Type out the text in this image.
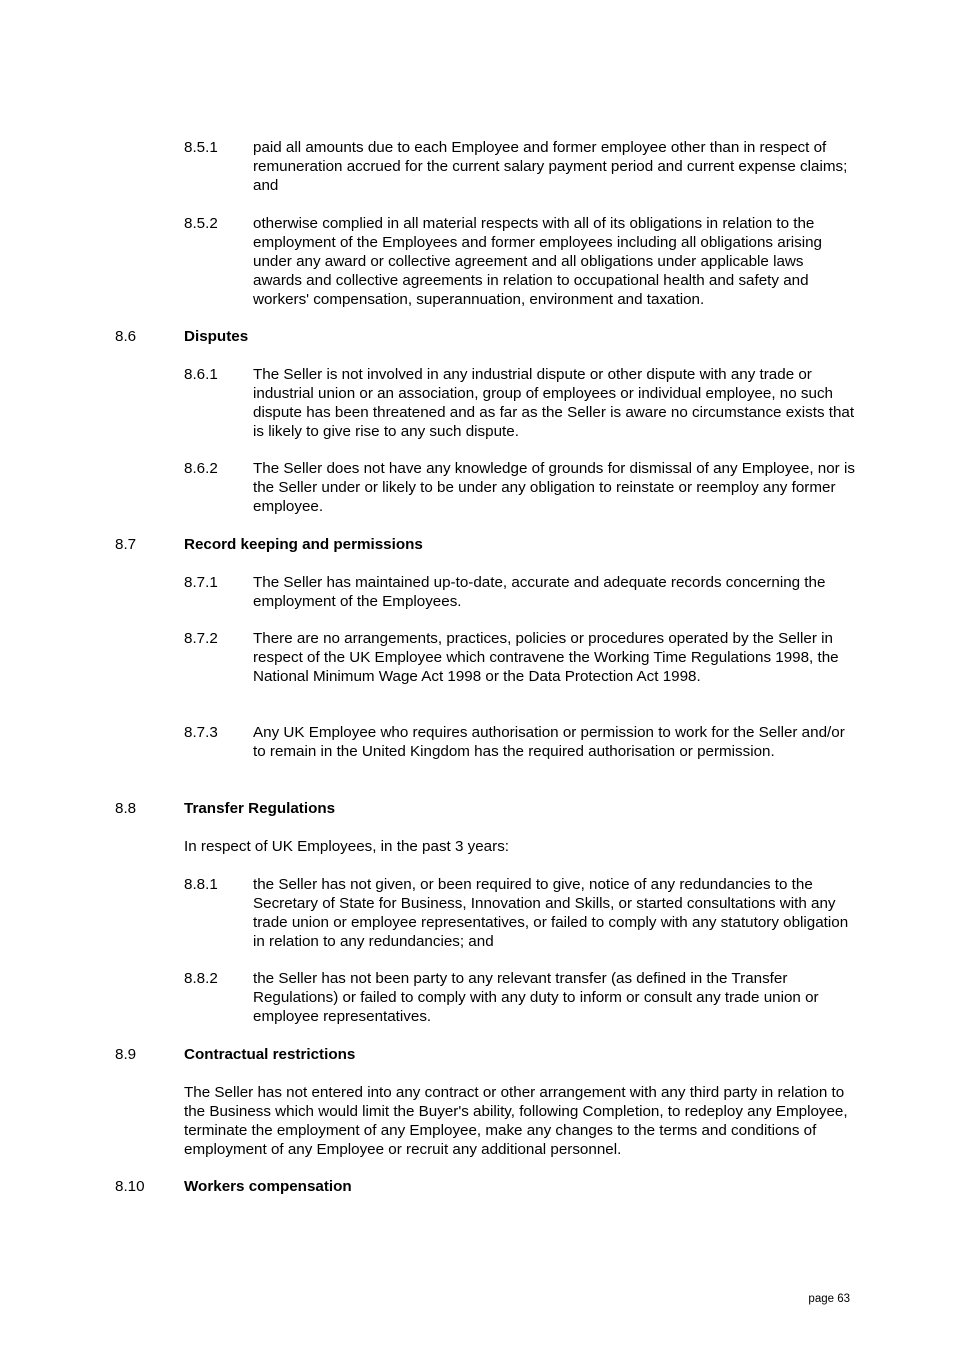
8.5.1 paid all amounts due to each Employee and former employee other than in respect of remuneration accrued for the current salary payment period and current expense claims; and
8.5.2 otherwise complied in all material respects with all of its obligations in relation to the employment of the Employees and former employees including all obligations arising under any award or collective agreement and all obligations under applicable laws awards and collective agreements in relation to occupational health and safety and workers' compensation, superannuation, environment and taxation.
8.6	Disputes
8.6.1 The Seller is not involved in any industrial dispute or other dispute with any trade or industrial union or an association, group of employees or individual employee, no such dispute has been threatened and as far as the Seller is aware no circumstance exists that is likely to give rise to any such dispute.
8.6.2 The Seller does not have any knowledge of grounds for dismissal of any Employee, nor is the Seller under or likely to be under any obligation to reinstate or reemploy any former employee.
8.7	Record keeping and permissions
8.7.1 The Seller has maintained up-to-date, accurate and adequate records concerning the employment of the Employees.
8.7.2 There are no arrangements, practices, policies or procedures operated by the Seller in respect of the UK Employee which contravene the Working Time Regulations 1998, the National Minimum Wage Act 1998 or the Data Protection Act 1998.
8.7.3 Any UK Employee who requires authorisation or permission to work for the Seller and/or to remain in the United Kingdom has the required authorisation or permission.
8.8	Transfer Regulations
In respect of UK Employees, in the past 3 years:
8.8.1 the Seller has not given, or been required to give, notice of any redundancies to the Secretary of State for Business, Innovation and Skills, or started consultations with any trade union or employee representatives, or failed to comply with any statutory obligation in relation to any redundancies; and
8.8.2 the Seller has not been party to any relevant transfer (as defined in the Transfer Regulations) or failed to comply with any duty to inform or consult any trade union or employee representatives.
8.9	Contractual restrictions
The Seller has not entered into any contract or other arrangement with any third party in relation to the Business which would limit the Buyer's ability, following Completion, to redeploy any Employee, terminate the employment of any Employee, make any changes to the terms and conditions of employment of any Employee or recruit any additional personnel.
8.10	Workers compensation
page 63
